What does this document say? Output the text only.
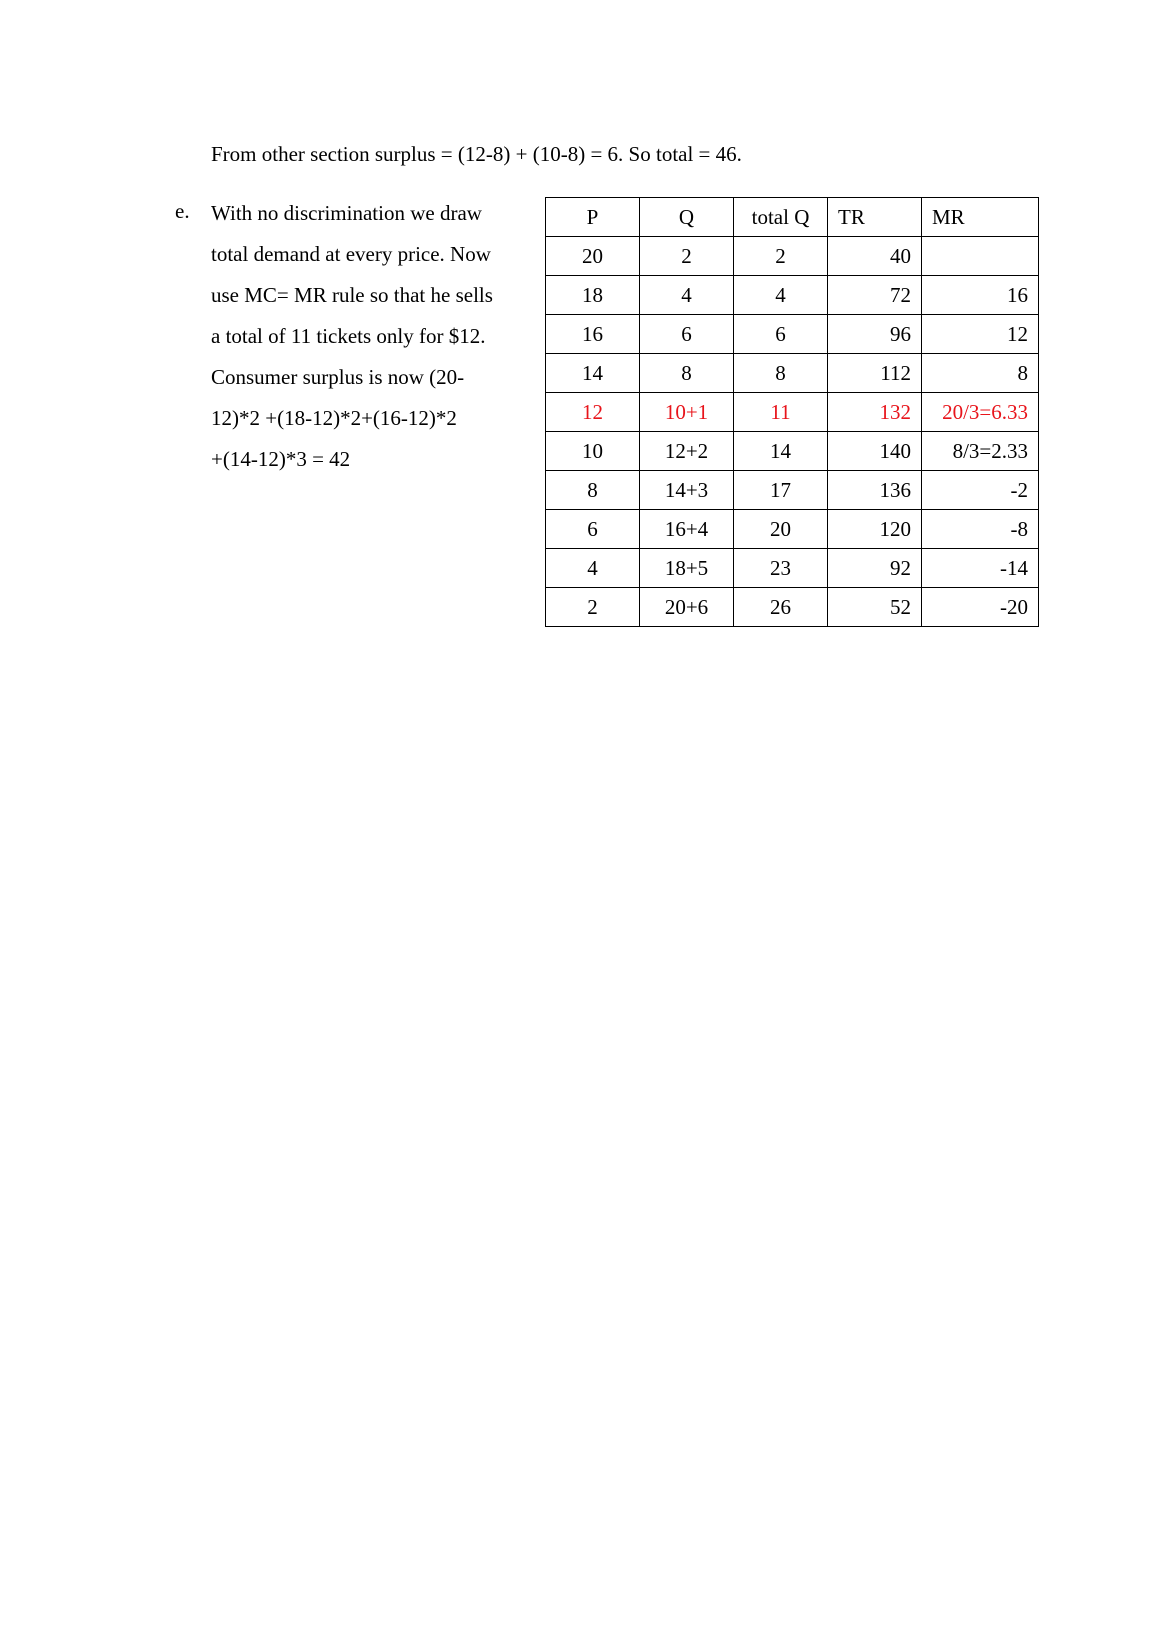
From other section surplus = (12-8) + (10-8) = 6. So total = 46.
e. With no discrimination we draw
total demand at every price. Now
use MC= MR rule so that he sells
a total of 11 tickets only for $12.
Consumer surplus is now (20-
12)*2 +(18-12)*2+(16-12)*2
+(14-12)*3 = 42
P	Q	total Q	TR	MR
20	2	2	40	
18	4	4	72	16
16	6	6	96	12
14	8	8	112	8
12	10+1	11	132	20/3=6.33
10	12+2	14	140	8/3=2.33
8	14+3	17	136	-2
6	16+4	20	120	-8
4	18+5	23	92	-14
2	20+6	26	52	-20
